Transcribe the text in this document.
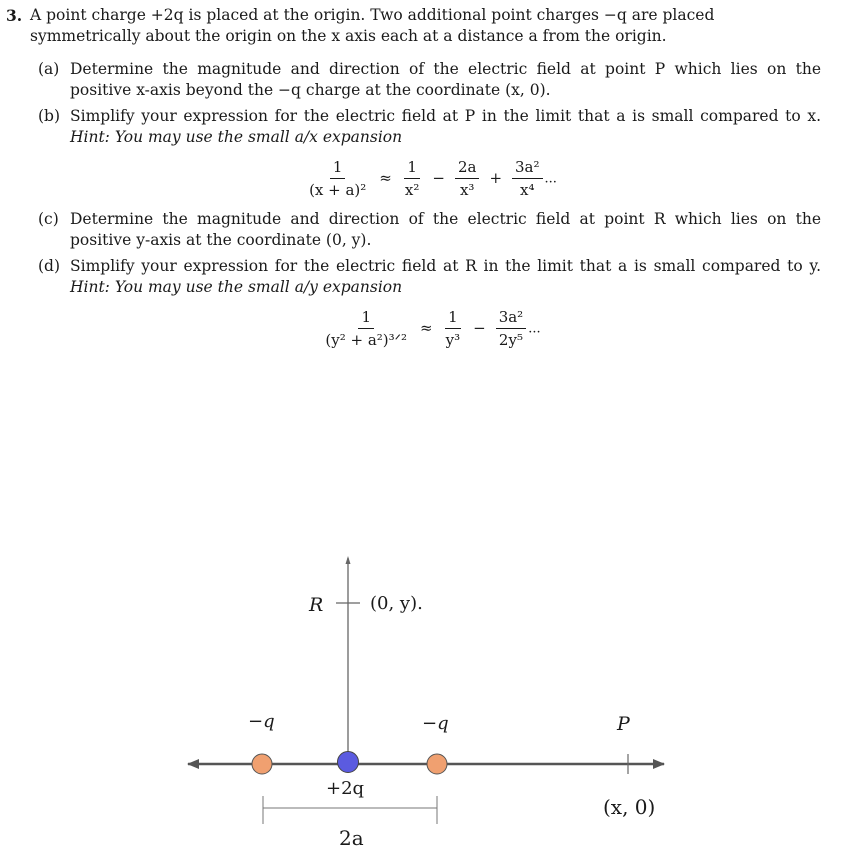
3. A point charge +2q is placed at the origin. Two additional point charges −q are placed symmetrically about the origin on the x axis each at a distance a from the origin.
(a) Determine the magnitude and direction of the electric field at point P which lies on the positive x-axis beyond the −q charge at the coordinate (x, 0).
(b) Simplify your expression for the electric field at P in the limit that a is small compared to x. Hint: You may use the small a/x expansion
$\frac{1}{\text{(x + a)²}} \approx \frac{1}{\text{x²}} - \frac{2a}{\text{x³}} + \frac{\text{3a²}}{\text{x⁴}}$ ···
(c) Determine the magnitude and direction of the electric field at point R which lies on the positive y-axis at the coordinate (0, y).
(d) Simplify your expression for the electric field at R in the limit that a is small compared to y. Hint: You may use the small a/y expansion
$\frac{1}{\text{(y² + a²)³ᐟ²}} \approx \frac{1}{\text{y³}} - \frac{\text{3a²}}{\text{2y⁵}}$ ···
R	(0, y).
−q	−q	P
+2q
(x, 0)
2a
